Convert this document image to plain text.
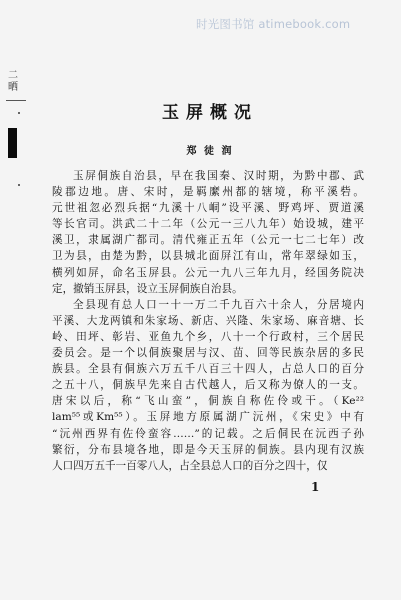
时光图书馆 atimebook.com
二
晒
玉屏概况
郑 徒 润
玉屏侗族自治县，早在我国秦、汉时期，为黔中郡、武
陵郡边地。唐、宋时，是羁縻州都的辖境，称平溪砦。
元世祖忽必烈兵据“九溪十八峒”设平溪、野鸡坪、贾道溪
等长官司。洪武二十二年（公元一三八九年）始设城，建平
溪卫，隶属湖广都司。清代雍正五年（公元一七二七年）改
卫为县，由楚为黔，以县城北面屏江有山，常年翠绿如玉，
横列如屏，命名玉屏县。公元一九八三年九月，经国务院决
定，撤销玉屏县，设立玉屏侗族自治县。
全县现有总人口一十一万二千九百六十余人，分居境内
平溪、大龙两镇和朱家场、新店、兴隆、朱家场、麻音塘、长
岭、田坪、彰岩、亚鱼九个乡，八十一个行政村，三个居民
委员会。是一个以侗族聚居与汉、苗、回等民族杂居的多民
族县。全县有侗族六万五千八百三十四人，占总人口的百分
之五十八，侗族早先来自古代越人，后又称为僚人的一支。
唐宋以后，称“飞山蛮”，侗族自称佐伶或干。（Ke²²
lam⁵⁵或Km⁵⁵）。玉屏地方原属湖广沅州，《宋史》中有
“沅州西界有佐伶蛮容……”的记载。之后侗民在沅西子孙
繁衍，分布县境各地，即是今天玉屏的侗族。县内现有汉族
人口四万五千一百零八人，占全县总人口的百分之四十，仅
1
